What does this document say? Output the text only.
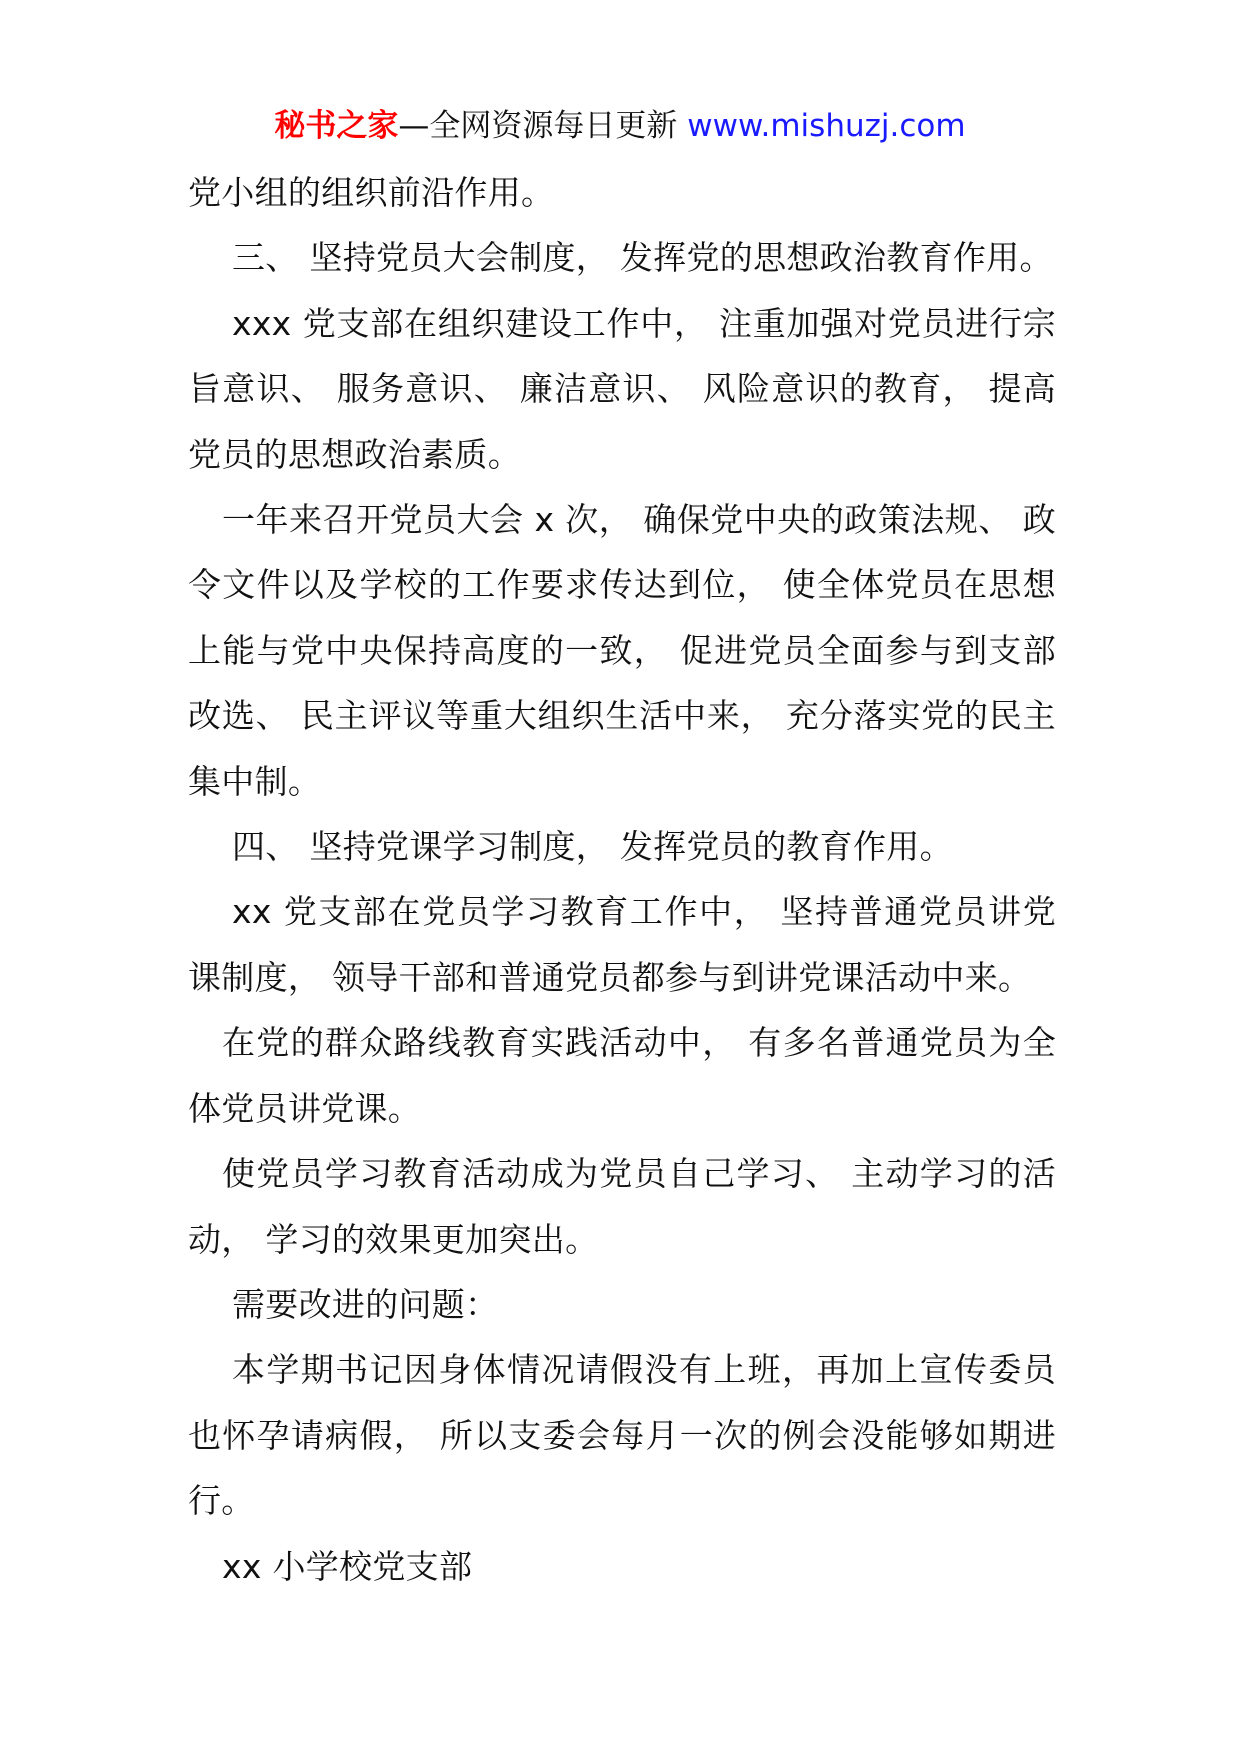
秘书之家—全网资源每日更新 www.mishuzj.com

党小组的组织前沿作用。

三、 坚持党员大会制度， 发挥党的思想政治教育作用。

xxx 党支部在组织建设工作中， 注重加强对党员进行宗旨意识、 服务意识、 廉洁意识、 风险意识的教育， 提高党员的思想政治素质。

一年来召开党员大会 x 次， 确保党中央的政策法规、 政令文件以及学校的工作要求传达到位， 使全体党员在思想上能与党中央保持高度的一致， 促进党员全面参与到支部改选、 民主评议等重大组织生活中来， 充分落实党的民主集中制。

四、 坚持党课学习制度， 发挥党员的教育作用。

xx 党支部在党员学习教育工作中， 坚持普通党员讲党课制度， 领导干部和普通党员都参与到讲党课活动中来。

在党的群众路线教育实践活动中， 有多名普通党员为全体党员讲党课。

使党员学习教育活动成为党员自己学习、 主动学习的活动， 学习的效果更加突出。

需要改进的问题：

本学期书记因身体情况请假没有上班，再加上宣传委员也怀孕请病假， 所以支委会每月一次的例会没能够如期进行。

xx 小学校党支部
